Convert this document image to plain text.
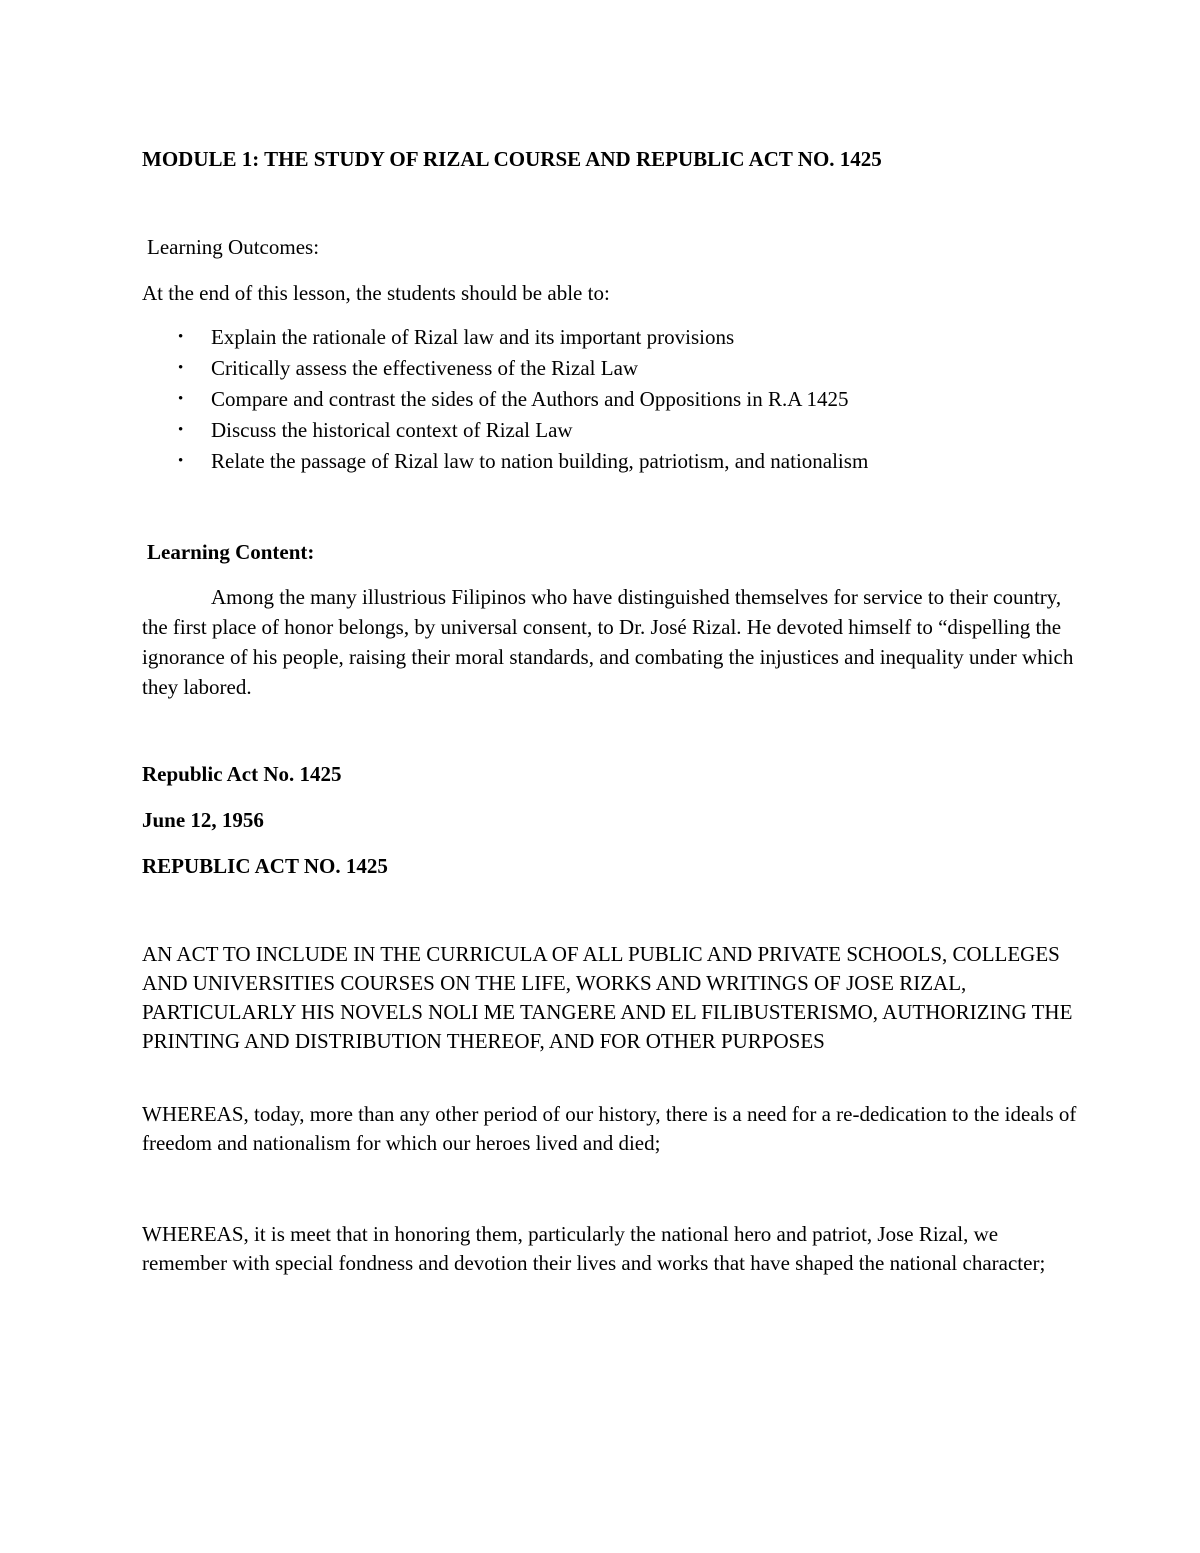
MODULE 1: THE STUDY OF RIZAL COURSE AND REPUBLIC ACT NO. 1425

Learning Outcomes:

At the end of this lesson, the students should be able to:

• Explain the rationale of Rizal law and its important provisions
• Critically assess the effectiveness of the Rizal Law
• Compare and contrast the sides of the Authors and Oppositions in R.A 1425
• Discuss the historical context of Rizal Law
• Relate the passage of Rizal law to nation building, patriotism, and nationalism

Learning Content:

Among the many illustrious Filipinos who have distinguished themselves for service to their country, the first place of honor belongs, by universal consent, to Dr. José Rizal. He devoted himself to “dispelling the ignorance of his people, raising their moral standards, and combating the injustices and inequality under which they labored.

Republic Act No. 1425

June 12, 1956

REPUBLIC ACT NO. 1425

AN ACT TO INCLUDE IN THE CURRICULA OF ALL PUBLIC AND PRIVATE SCHOOLS, COLLEGES AND UNIVERSITIES COURSES ON THE LIFE, WORKS AND WRITINGS OF JOSE RIZAL, PARTICULARLY HIS NOVELS NOLI ME TANGERE AND EL FILIBUSTERISMO, AUTHORIZING THE PRINTING AND DISTRIBUTION THEREOF, AND FOR OTHER PURPOSES

WHEREAS, today, more than any other period of our history, there is a need for a re-dedication to the ideals of freedom and nationalism for which our heroes lived and died;

WHEREAS, it is meet that in honoring them, particularly the national hero and patriot, Jose Rizal, we remember with special fondness and devotion their lives and works that have shaped the national character;
